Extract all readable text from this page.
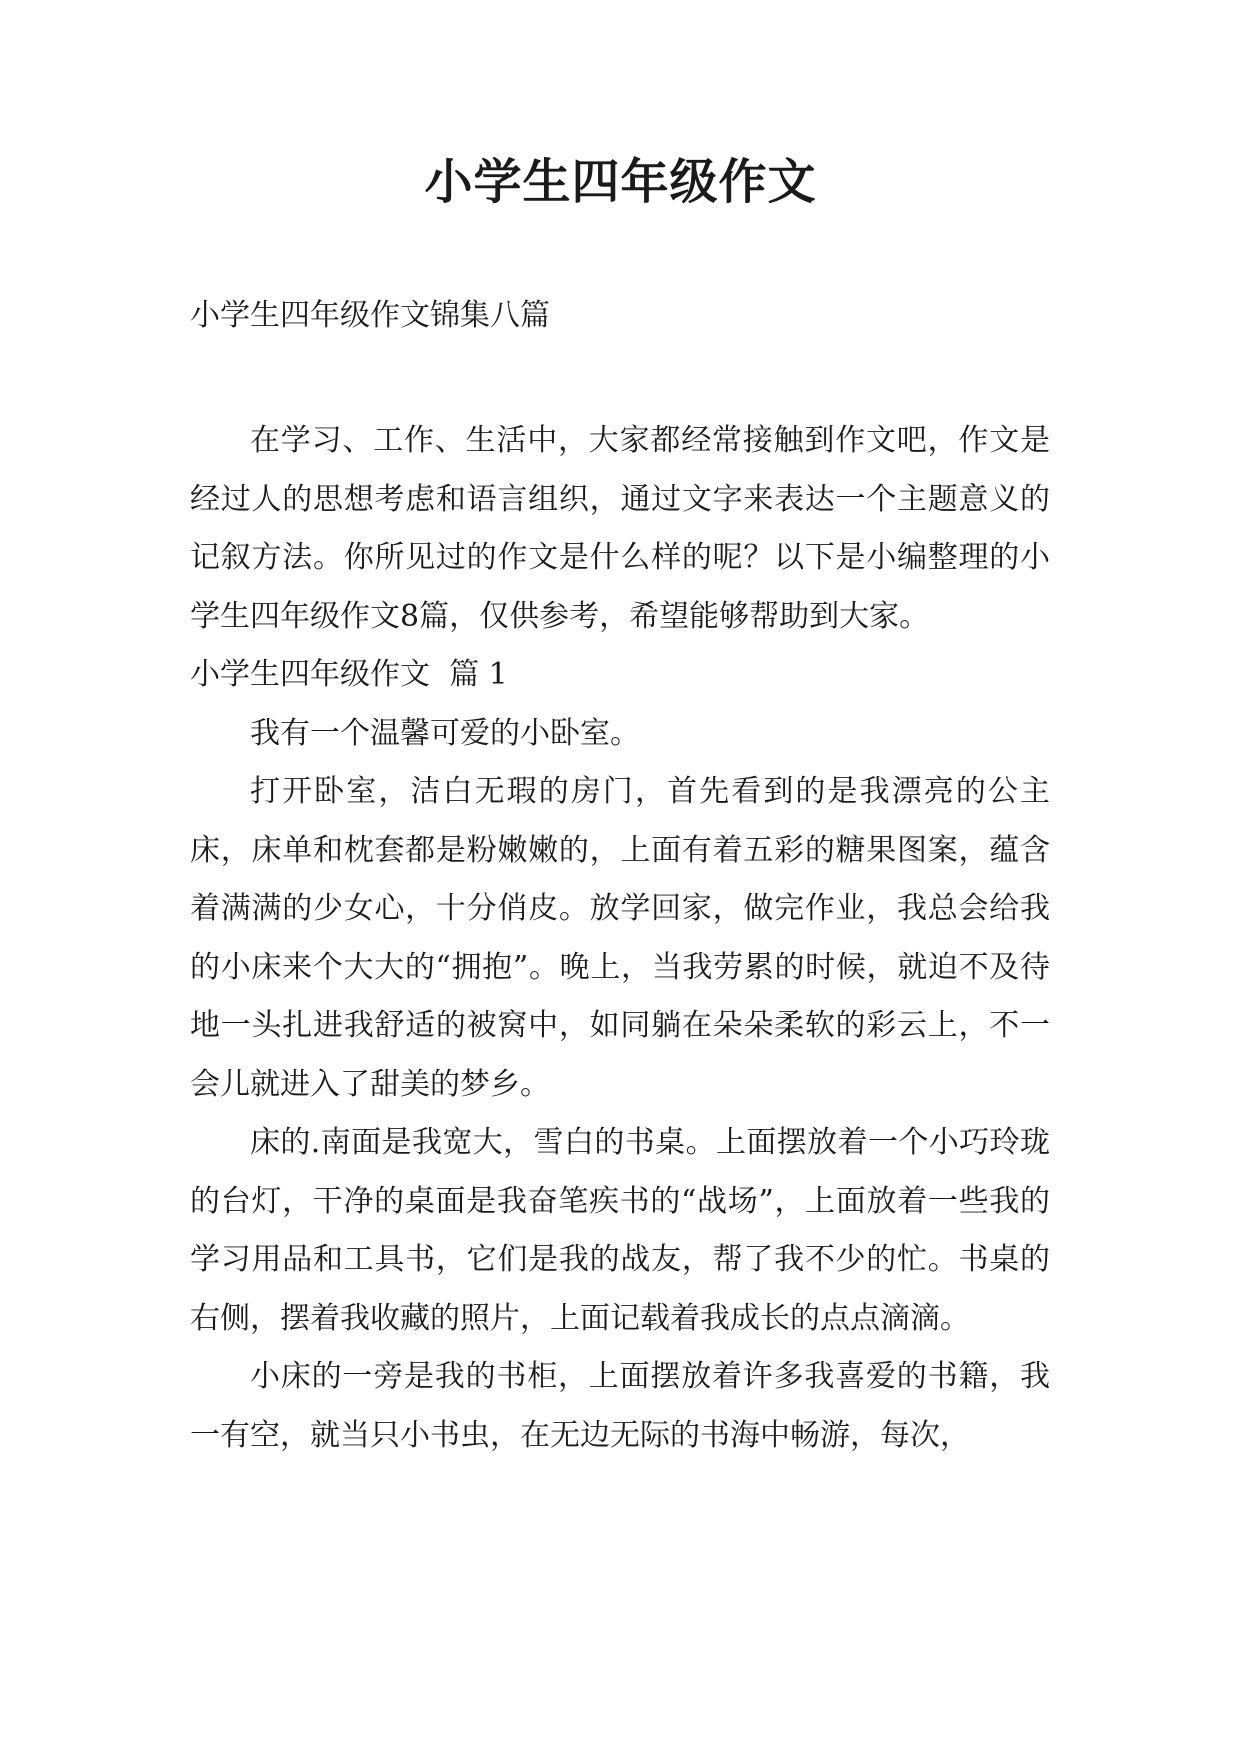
小学生四年级作文
小学生四年级作文锦集八篇

在学习、工作、生活中，大家都经常接触到作文吧，作文是经过人的思想考虑和语言组织，通过文字来表达一个主题意义的记叙方法。你所见过的作文是什么样的呢？以下是小编整理的小学生四年级作文8篇，仅供参考，希望能够帮助到大家。

小学生四年级作文  篇 1

我有一个温馨可爱的小卧室。

打开卧室，洁白无瑕的房门，首先看到的是我漂亮的公主床，床单和枕套都是粉嫩嫩的，上面有着五彩的糖果图案，蕴含着满满的少女心，十分俏皮。放学回家，做完作业，我总会给我的小床来个大大的“拥抱”。晚上，当我劳累的时候，就迫不及待地一头扎进我舒适的被窝中，如同躺在朵朵柔软的彩云上，不一会儿就进入了甜美的梦乡。

床的.南面是我宽大，雪白的书桌。上面摆放着一个小巧玲珑的台灯，干净的桌面是我奋笔疾书的“战场”，上面放着一些我的学习用品和工具书，它们是我的战友，帮了我不少的忙。书桌的右侧，摆着我收藏的照片，上面记载着我成长的点点滴滴。

小床的一旁是我的书柜，上面摆放着许多我喜爱的书籍，我一有空，就当只小书虫，在无边无际的书海中畅游，每次，
